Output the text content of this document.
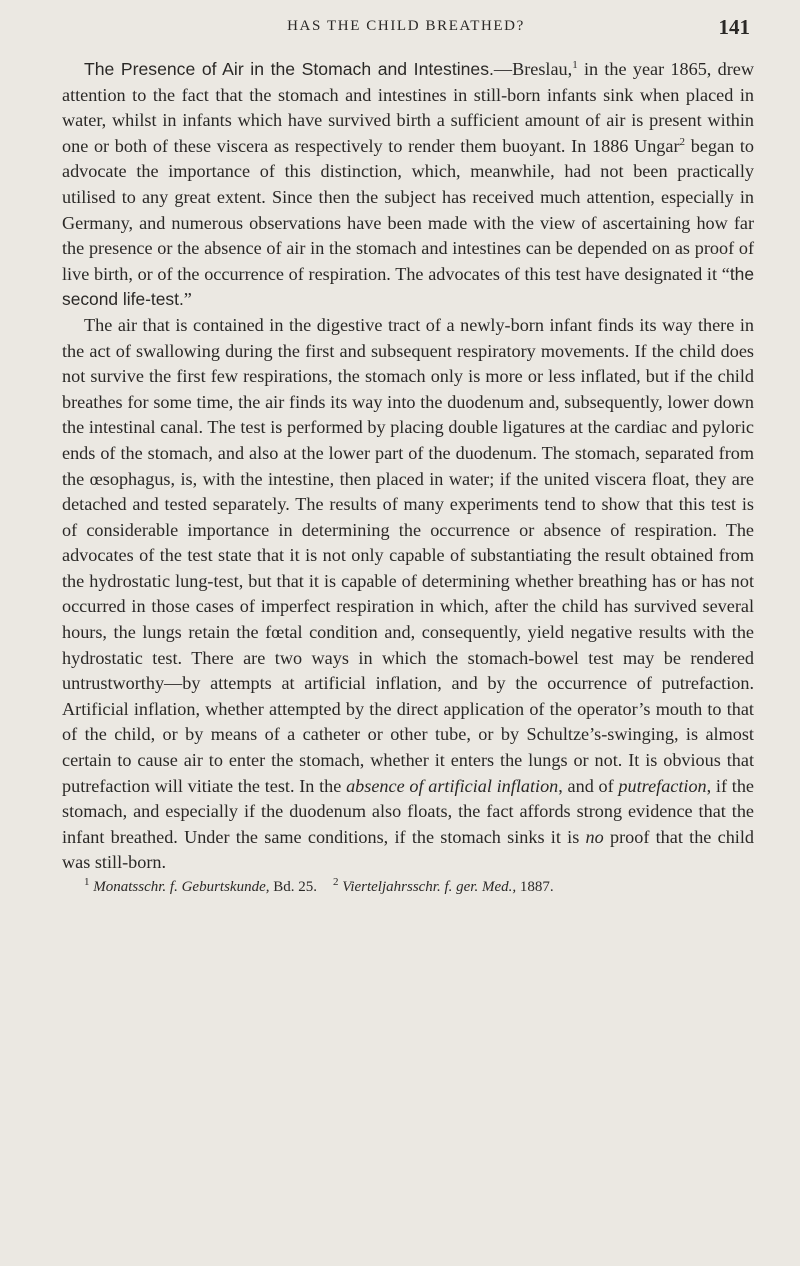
HAS THE CHILD BREATHED?	141

The Presence of Air in the Stomach and Intestines.—Breslau,$^1$ in the year 1865, drew attention to the fact that the stomach and intestines in still-born infants sink when placed in water, whilst in infants which have survived birth a sufficient amount of air is present within one or both of these viscera as respectively to render them buoyant. In 1886 Ungar$^2$ began to advocate the importance of this distinction, which, meanwhile, had not been practically utilised to any great extent. Since then the subject has received much attention, especially in Germany, and numerous observations have been made with the view of ascertaining how far the presence or the absence of air in the stomach and intestines can be depended on as proof of live birth, or of the occurrence of respiration. The advocates of this test have designated it “the second life-test.”

The air that is contained in the digestive tract of a newly-born infant finds its way there in the act of swallowing during the first and subsequent respiratory movements. If the child does not survive the first few respirations, the stomach only is more or less inflated, but if the child breathes for some time, the air finds its way into the duodenum and, subsequently, lower down the intestinal canal. The test is performed by placing double ligatures at the cardiac and pyloric ends of the stomach, and also at the lower part of the duodenum. The stomach, separated from the œsophagus, is, with the intestine, then placed in water; if the united viscera float, they are detached and tested separately. The results of many experiments tend to show that this test is of considerable importance in determining the occurrence or absence of respiration. The advocates of the test state that it is not only capable of substantiating the result obtained from the hydrostatic lung-test, but that it is capable of determining whether breathing has or has not occurred in those cases of imperfect respiration in which, after the child has survived several hours, the lungs retain the fœtal condition and, consequently, yield negative results with the hydrostatic test. There are two ways in which the stomach-bowel test may be rendered untrustworthy—by attempts at artificial inflation, and by the occurrence of putrefaction. Artificial inflation, whether attempted by the direct application of the operator’s mouth to that of the child, or by means of a catheter or other tube, or by Schultze’s-swinging, is almost certain to cause air to enter the stomach, whether it enters the lungs or not. It is obvious that putrefaction will vitiate the test. In the absence of artificial inflation, and of putrefaction, if the stomach, and especially if the duodenum also floats, the fact affords strong evidence that the infant breathed. Under the same conditions, if the stomach sinks it is no proof that the child was still-born.

$^1$ Monatsschr. f. Geburtskunde, Bd. 25. $^2$ Vierteljahrsschr. f. ger. Med., 1887.
